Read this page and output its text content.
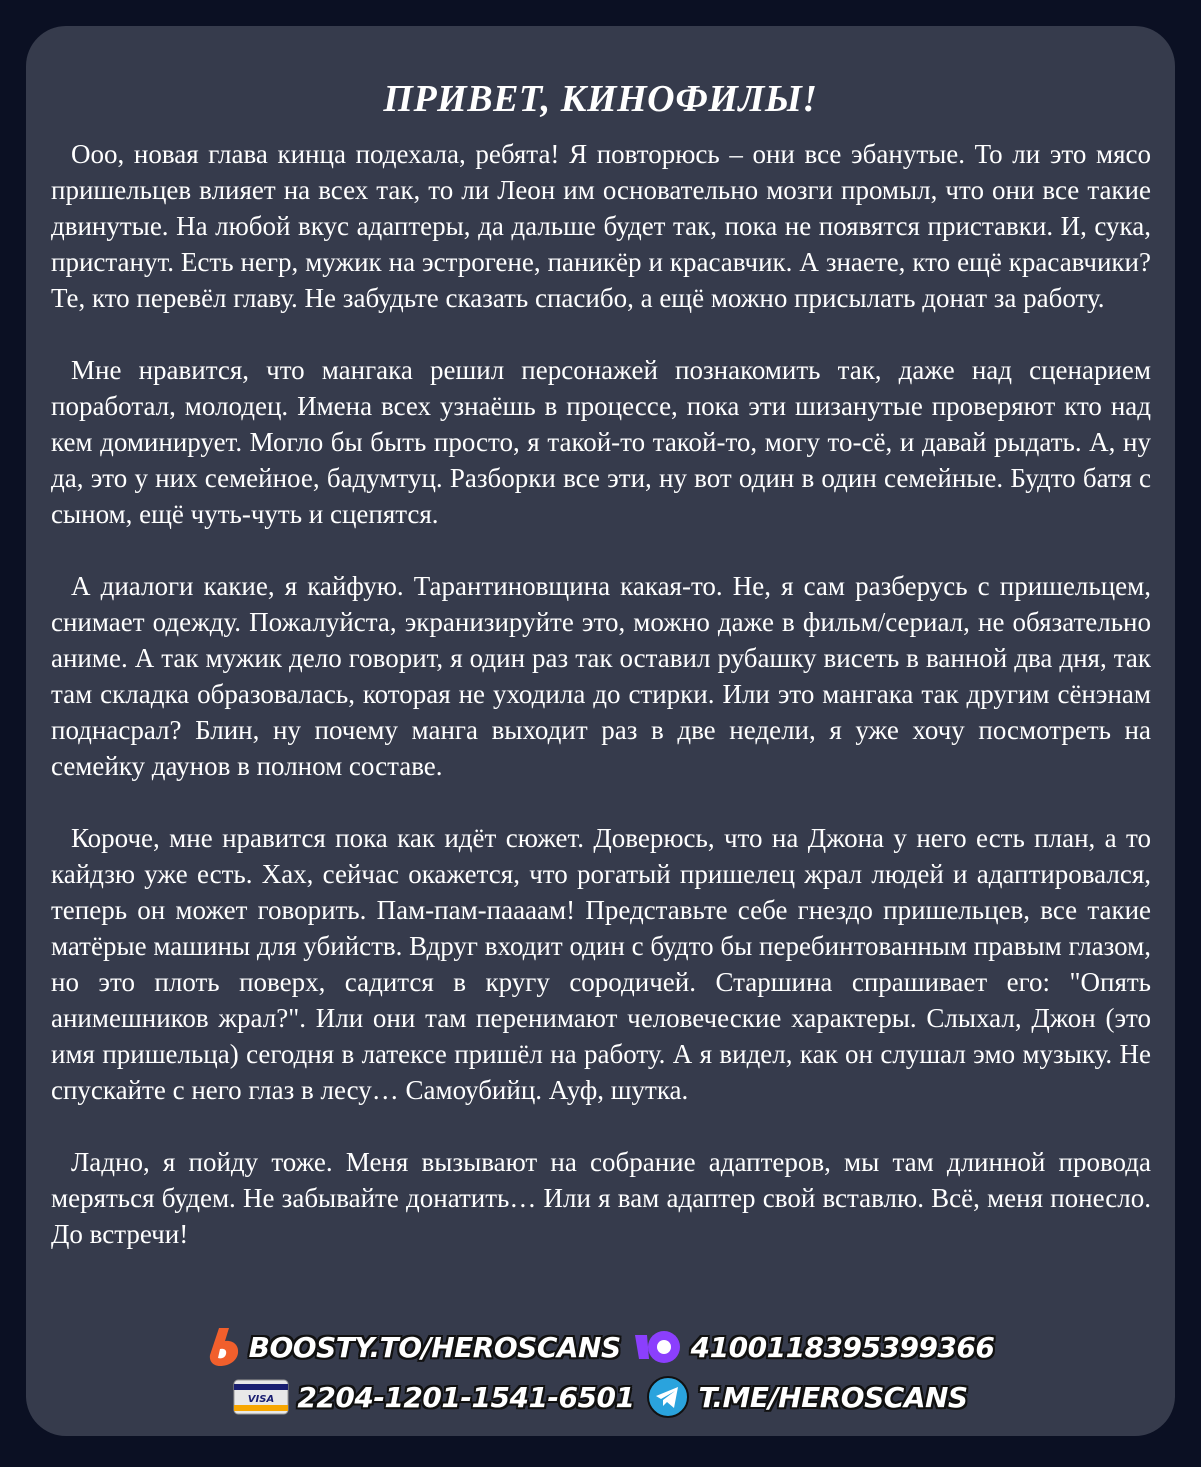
ПРИВЕТ, КИНОФИЛЫ!

Ооо, новая глава кинца подехала, ребята! Я повторюсь – они все эбанутые. То ли это мясо пришельцев влияет на всех так, то ли Леон им основательно мозги промыл, что они все такие двинутые. На любой вкус адаптеры, да дальше будет так, пока не появятся приставки. И, сука, пристанут. Есть негр, мужик на эстрогене, паникёр и красавчик. А знаете, кто ещё красавчики? Те, кто перевёл главу. Не забудьте сказать спасибо, а ещё можно присылать донат за работу.

Мне нравится, что мангака решил персонажей познакомить так, даже над сценарием поработал, молодец. Имена всех узнаёшь в процессе, пока эти шизанутые проверяют кто над кем доминирует. Могло бы быть просто, я такой-то такой-то, могу то-сё, и давай рыдать. А, ну да, это у них семейное, бадумтуц. Разборки все эти, ну вот один в один семейные. Будто батя с сыном, ещё чуть-чуть и сцепятся.

А диалоги какие, я кайфую. Тарантиновщина какая-то. Не, я сам разберусь с пришельцем, снимает одежду. Пожалуйста, экранизируйте это, можно даже в фильм/сериал, не обязательно аниме. А так мужик дело говорит, я один раз так оставил рубашку висеть в ванной два дня, так там складка образовалась, которая не уходила до стирки. Или это мангака так другим сёнэнам поднасрал? Блин, ну почему манга выходит раз в две недели, я уже хочу посмотреть на семейку даунов в полном составе.

Короче, мне нравится пока как идёт сюжет. Доверюсь, что на Джона у него есть план, а то кайдзю уже есть. Хах, сейчас окажется, что рогатый пришелец жрал людей и адаптировался, теперь он может говорить. Пам-пам-паааам! Представьте себе гнездо пришельцев, все такие матёрые машины для убийств. Вдруг входит один с будто бы перебинтованным правым глазом, но это плоть поверх, садится в кругу сородичей. Старшина спрашивает его: "Опять анимешников жрал?". Или они там перенимают человеческие характеры. Слыхал, Джон (это имя пришельца) сегодня в латексе пришёл на работу. А я видел, как он слушал эмо музыку. Не спускайте с него глаз в лесу… Самоубийц. Ауф, шутка.

Ладно, я пойду тоже. Меня вызывают на собрание адаптеров, мы там длинной провода меряться будем. Не забывайте донатить… Или я вам адаптер свой вставлю. Всё, меня понесло. До встречи!

BOOSTY.TO/HEROSCANS	4100118395399366
VISA 2204-1201-1541-6501 T.ME/HEROSCANS
